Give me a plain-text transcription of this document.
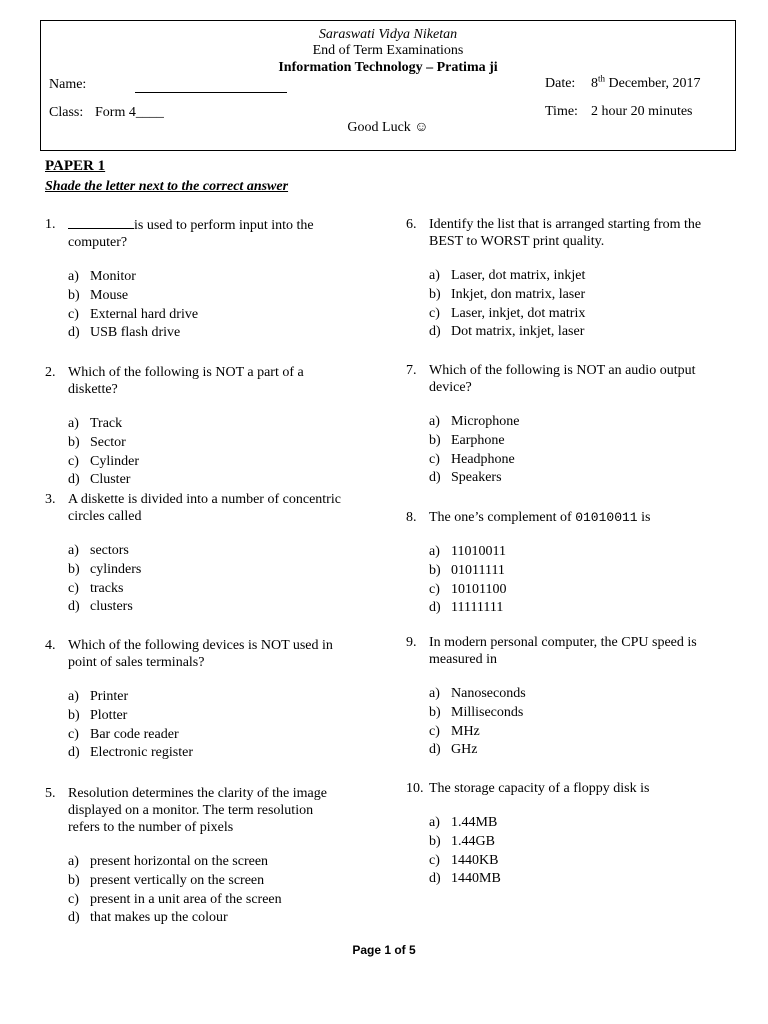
Saraswati Vidya Niketan
End of Term Examinations
Information Technology – Pratima ji
Name:	Date: 8th December, 2017
Class: Form 4____	Time: 2 hour 20 minutes
Good Luck ☺
PAPER 1
Shade the letter next to the correct answer
1.	is used to perform input into the computer?
a) Monitor
b) Mouse
c) External hard drive
d) USB flash drive
2. Which of the following is NOT a part of a diskette?
a) Track
b) Sector
c) Cylinder
d) Cluster
3. A diskette is divided into a number of concentric circles called
a) sectors
b) cylinders
c) tracks
d) clusters
4. Which of the following devices is NOT used in point of sales terminals?
a) Printer
b) Plotter
c) Bar code reader
d) Electronic register
5. Resolution determines the clarity of the image displayed on a monitor. The term resolution refers to the number of pixels
a) present horizontal on the screen
b) present vertically on the screen
c) present in a unit area of the screen
d) that makes up the colour
6. Identify the list that is arranged starting from the BEST to WORST print quality.
a) Laser, dot matrix, inkjet
b) Inkjet, don matrix, laser
c) Laser, inkjet, dot matrix
d) Dot matrix, inkjet, laser
7. Which of the following is NOT an audio output device?
a) Microphone
b) Earphone
c) Headphone
d) Speakers
8. The one’s complement of 01010011 is
a) 11010011
b) 01011111
c) 10101100
d) 11111111
9. In modern personal computer, the CPU speed is measured in
a) Nanoseconds
b) Milliseconds
c) MHz
d) GHz
10. The storage capacity of a floppy disk is
a) 1.44MB
b) 1.44GB
c) 1440KB
d) 1440MB
Page 1 of 5
